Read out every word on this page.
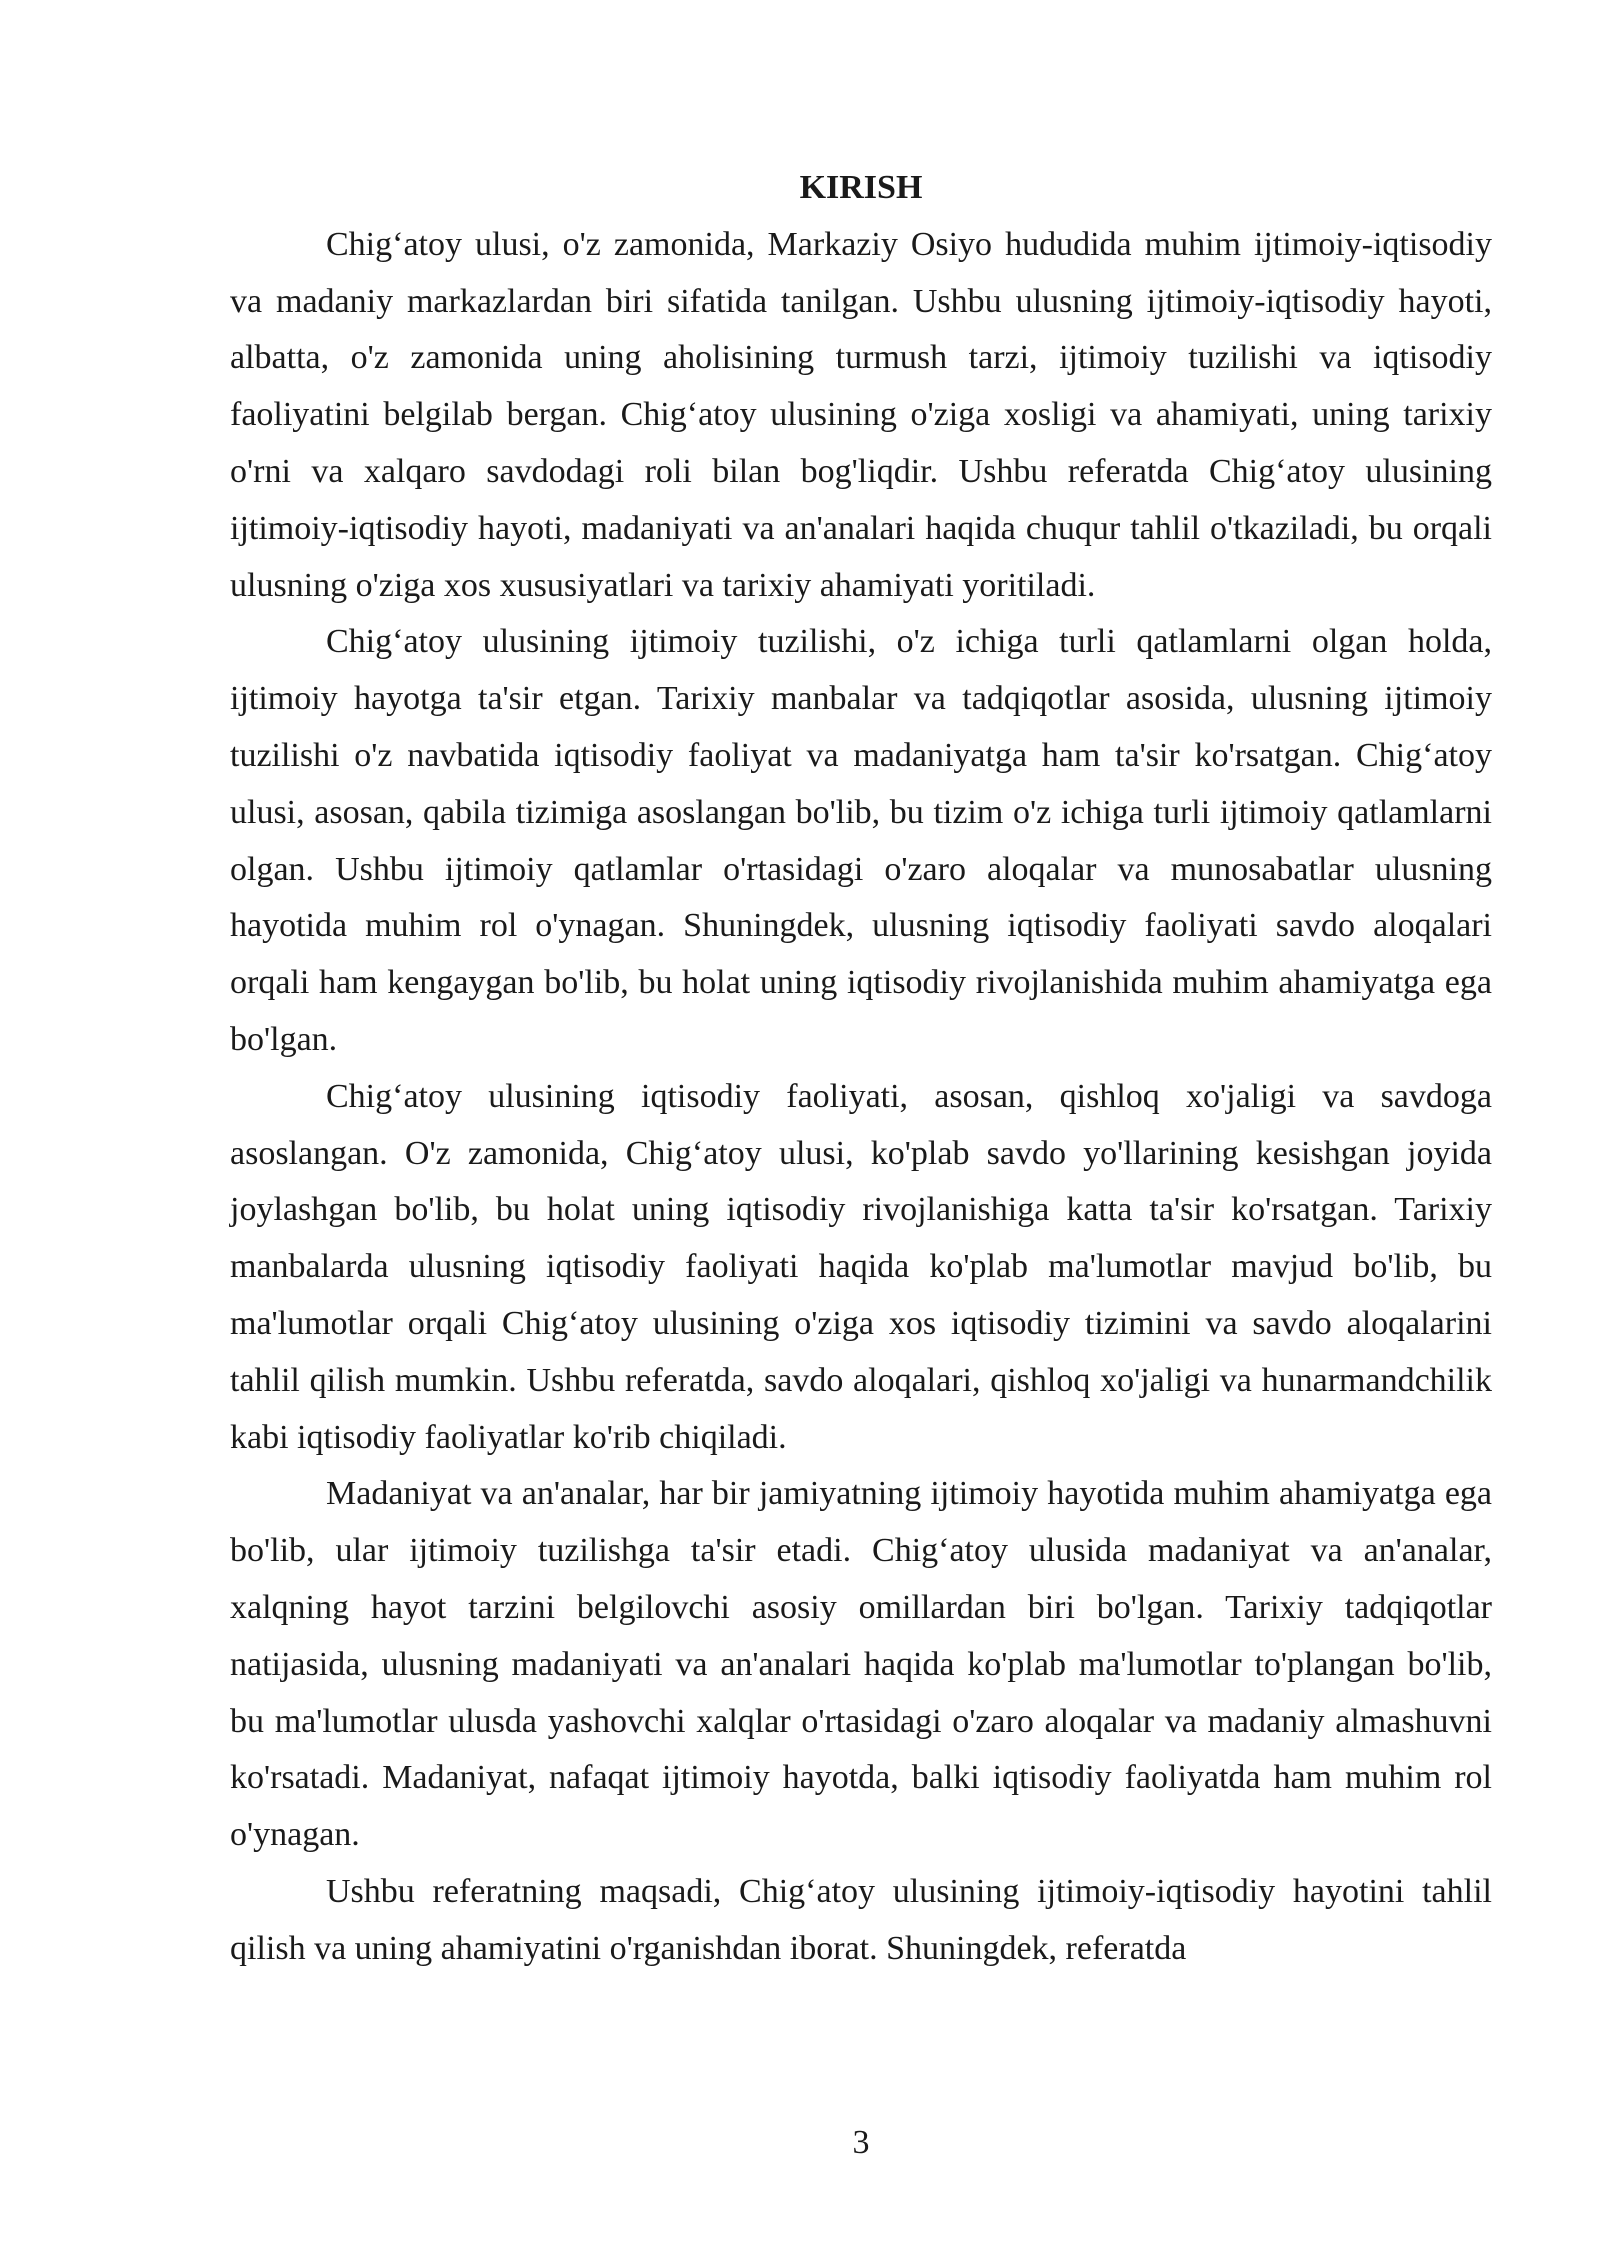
KIRISH

Chig‘atoy ulusi, o'z zamonida, Markaziy Osiyo hududida muhim ijtimoiy-iqtisodiy va madaniy markazlardan biri sifatida tanilgan. Ushbu ulusning ijtimoiy-iqtisodiy hayoti, albatta, o'z zamonida uning aholisining turmush tarzi, ijtimoiy tuzilishi va iqtisodiy faoliyatini belgilab bergan. Chig‘atoy ulusining o'ziga xosligi va ahamiyati, uning tarixiy o'rni va xalqaro savdodagi roli bilan bog'liqdir. Ushbu referatda Chig‘atoy ulusining ijtimoiy-iqtisodiy hayoti, madaniyati va an'analari haqida chuqur tahlil o'tkaziladi, bu orqali ulusning o'ziga xos xususiyatlari va tarixiy ahamiyati yoritiladi.

Chig‘atoy ulusining ijtimoiy tuzilishi, o'z ichiga turli qatlamlarni olgan holda, ijtimoiy hayotga ta'sir etgan. Tarixiy manbalar va tadqiqotlar asosida, ulusning ijtimoiy tuzilishi o'z navbatida iqtisodiy faoliyat va madaniyatga ham ta'sir ko'rsatgan. Chig‘atoy ulusi, asosan, qabila tizimiga asoslangan bo'lib, bu tizim o'z ichiga turli ijtimoiy qatlamlarni olgan. Ushbu ijtimoiy qatlamlar o'rtasidagi o'zaro aloqalar va munosabatlar ulusning hayotida muhim rol o'ynagan. Shuningdek, ulusning iqtisodiy faoliyati savdo aloqalari orqali ham kengaygan bo'lib, bu holat uning iqtisodiy rivojlanishida muhim ahamiyatga ega bo'lgan.

Chig‘atoy ulusining iqtisodiy faoliyati, asosan, qishloq xo'jaligi va savdoga asoslangan. O'z zamonida, Chig‘atoy ulusi, ko'plab savdo yo'llarining kesishgan joyida joylashgan bo'lib, bu holat uning iqtisodiy rivojlanishiga katta ta'sir ko'rsatgan. Tarixiy manbalarda ulusning iqtisodiy faoliyati haqida ko'plab ma'lumotlar mavjud bo'lib, bu ma'lumotlar orqali Chig‘atoy ulusining o'ziga xos iqtisodiy tizimini va savdo aloqalarini tahlil qilish mumkin. Ushbu referatda, savdo aloqalari, qishloq xo'jaligi va hunarmandchilik kabi iqtisodiy faoliyatlar ko'rib chiqiladi.

Madaniyat va an'analar, har bir jamiyatning ijtimoiy hayotida muhim ahamiyatga ega bo'lib, ular ijtimoiy tuzilishga ta'sir etadi. Chig‘atoy ulusida madaniyat va an'analar, xalqning hayot tarzini belgilovchi asosiy omillardan biri bo'lgan. Tarixiy tadqiqotlar natijasida, ulusning madaniyati va an'analari haqida ko'plab ma'lumotlar to'plangan bo'lib, bu ma'lumotlar ulusda yashovchi xalqlar o'rtasidagi o'zaro aloqalar va madaniy almashuvni ko'rsatadi. Madaniyat, nafaqat ijtimoiy hayotda, balki iqtisodiy faoliyatda ham muhim rol o'ynagan.

Ushbu referatning maqsadi, Chig‘atoy ulusining ijtimoiy-iqtisodiy hayotini tahlil qilish va uning ahamiyatini o'rganishdan iborat. Shuningdek, referatda

3
